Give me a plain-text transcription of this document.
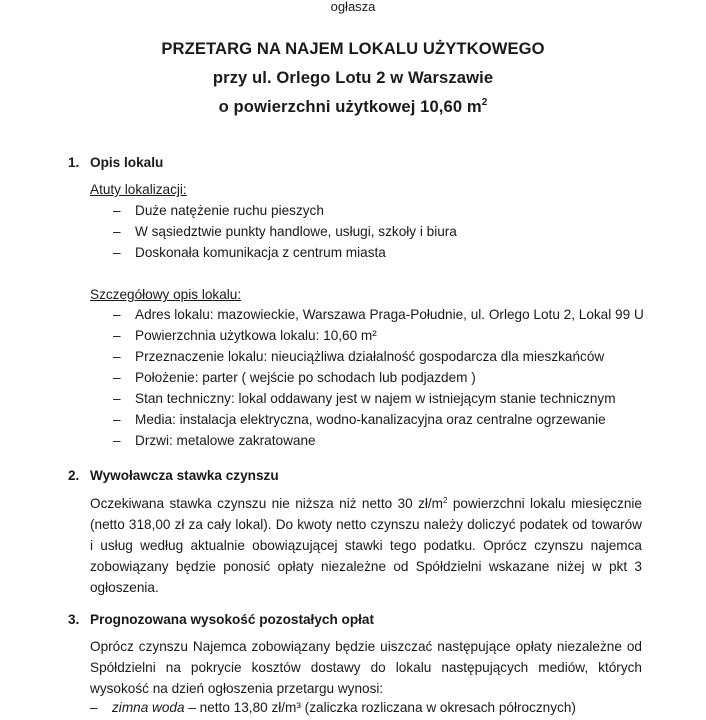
ogłasza
PRZETARG NA NAJEM LOKALU UŻYTKOWEGO
przy ul. Orlego Lotu 2 w Warszawie
o powierzchni użytkowej 10,60 $m^2$
1. Opis lokalu
Atuty lokalizacji:
– Duże natężenie ruchu pieszych
– W sąsiedztwie punkty handlowe, usługi, szkoły i biura
– Doskonała komunikacja z centrum miasta
Szczegółowy opis lokalu:
– Adres lokalu: mazowieckie, Warszawa Praga-Południe, ul. Orlego Lotu 2, Lokal 99 U
– Powierzchnia użytkowa lokalu: 10,60 m²
– Przeznaczenie lokalu: nieuciążliwa działalność gospodarcza dla mieszkańców
– Położenie: parter ( wejście po schodach lub podjazdem )
– Stan techniczny: lokal oddawany jest w najem w istniejącym stanie technicznym
– Media: instalacja elektryczna, wodno-kanalizacyjna oraz centralne ogrzewanie
– Drzwi: metalowe zakratowane
2. Wywoławcza stawka czynszu
Oczekiwana stawka czynszu nie niższa niż netto 30 $zł/m^2$ powierzchni lokalu miesięcznie (netto 318,00 zł za cały lokal). Do kwoty netto czynszu należy doliczyć podatek od towarów i usług według aktualnie obowiązującej stawki tego podatku. Oprócz czynszu najemca zobowiązany będzie ponosić opłaty niezależne od Spółdzielni wskazane niżej w pkt 3 ogłoszenia.
3. Prognozowana wysokość pozostałych opłat
Oprócz czynszu Najemca zobowiązany będzie uiszczać następujące opłaty niezależne od Spółdzielni na pokrycie kosztów dostawy do lokalu następujących mediów, których wysokość na dzień ogłoszenia przetargu wynosi:
– zimna woda – netto 13,80 zł/m³ (zaliczka rozliczana w okresach półrocznych)
